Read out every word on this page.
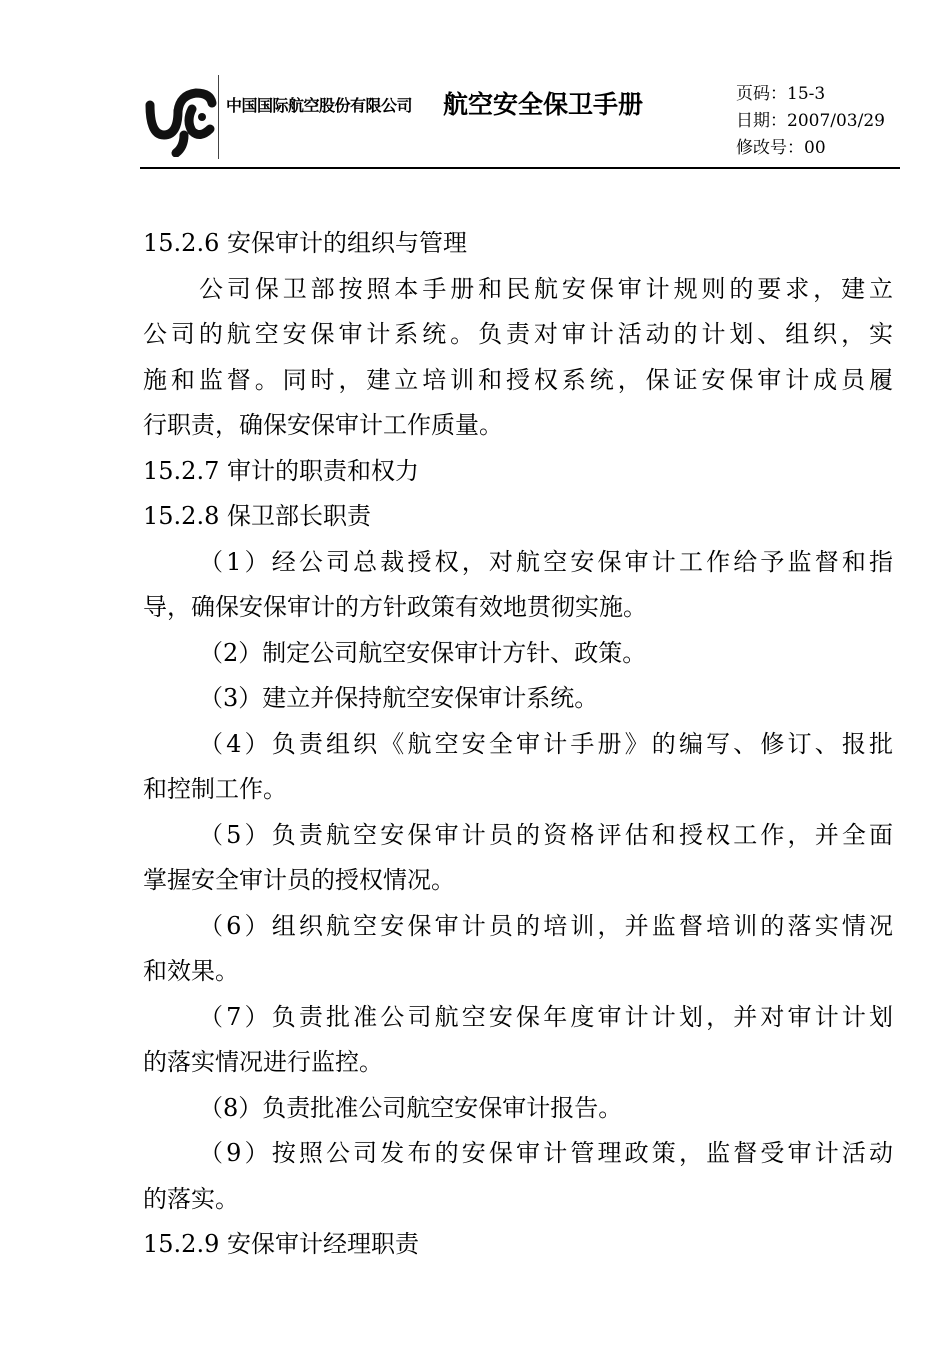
中国国际航空股份有限公司 航空安全保卫手册	页码：15-3
日期：2007/03/29
修改号：00
15.2.6 安保审计的组织与管理
公司保卫部按照本手册和民航安保审计规则的要求，建立
公司的航空安保审计系统。负责对审计活动的计划、组织，实
施和监督。同时，建立培训和授权系统，保证安保审计成员履
行职责，确保安保审计工作质量。
15.2.7 审计的职责和权力
15.2.8 保卫部长职责
（1）经公司总裁授权，对航空安保审计工作给予监督和指
导，确保安保审计的方针政策有效地贯彻实施。
（2）制定公司航空安保审计方针、政策。
（3）建立并保持航空安保审计系统。
（4）负责组织《航空安全审计手册》的编写、修订、报批
和控制工作。
（5）负责航空安保审计员的资格评估和授权工作，并全面
掌握安全审计员的授权情况。
（6）组织航空安保审计员的培训，并监督培训的落实情况
和效果。
（7）负责批准公司航空安保年度审计计划，并对审计计划
的落实情况进行监控。
（8）负责批准公司航空安保审计报告。
（9）按照公司发布的安保审计管理政策，监督受审计活动
的落实。
15.2.9 安保审计经理职责
